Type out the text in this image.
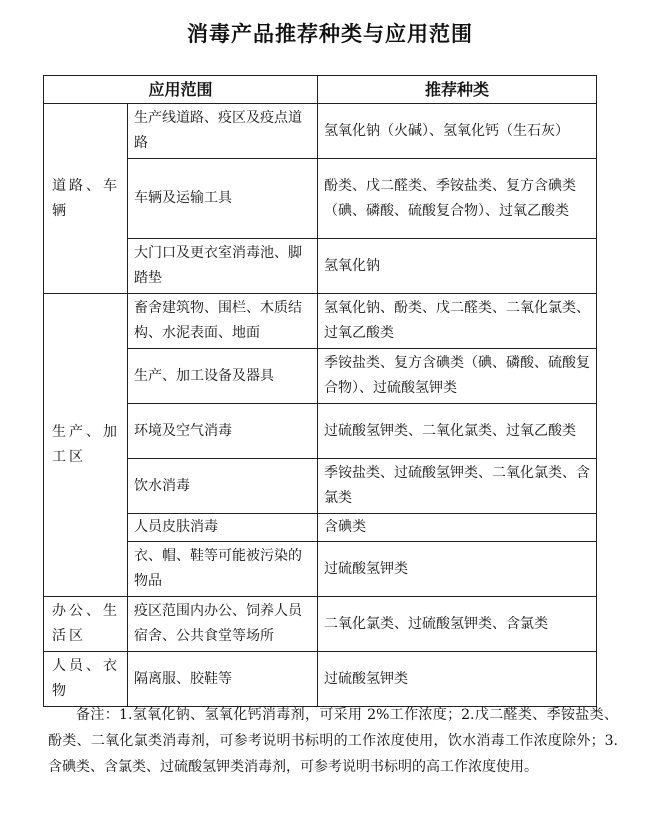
消毒产品推荐种类与应用范围
应用范围		推荐种类
道路、车辆	生产线道路、疫区及疫点道路	氢氧化钠（火碱）、氢氧化钙（生石灰）
	车辆及运输工具	酚类、戊二醛类、季铵盐类、复方含碘类（碘、磷酸、硫酸复合物）、过氧乙酸类
	大门口及更衣室消毒池、脚踏垫	氢氧化钠
生产、加工区	畜舍建筑物、围栏、木质结构、水泥表面、地面	氢氧化钠、酚类、戊二醛类、二氧化氯类、过氧乙酸类
	生产、加工设备及器具	季铵盐类、复方含碘类（碘、磷酸、硫酸复合物）、过硫酸氢钾类
	环境及空气消毒	过硫酸氢钾类、二氧化氯类、过氧乙酸类
	饮水消毒	季铵盐类、过硫酸氢钾类、二氧化氯类、含氯类
	人员皮肤消毒	含碘类
	衣、帽、鞋等可能被污染的物品	过硫酸氢钾类
办公、生活区	疫区范围内办公、饲养人员宿舍、公共食堂等场所	二氧化氯类、过硫酸氢钾类、含氯类
人员、衣物	隔离服、胶鞋等	过硫酸氢钾类
备注：1.氢氧化钠、氢氧化钙消毒剂，可采用 2%工作浓度；2.戊二醛类、季铵盐类、酚类、二氧化氯类消毒剂，可参考说明书标明的工作浓度使用，饮水消毒工作浓度除外；3.含碘类、含氯类、过硫酸氢钾类消毒剂，可参考说明书标明的高工作浓度使用。
